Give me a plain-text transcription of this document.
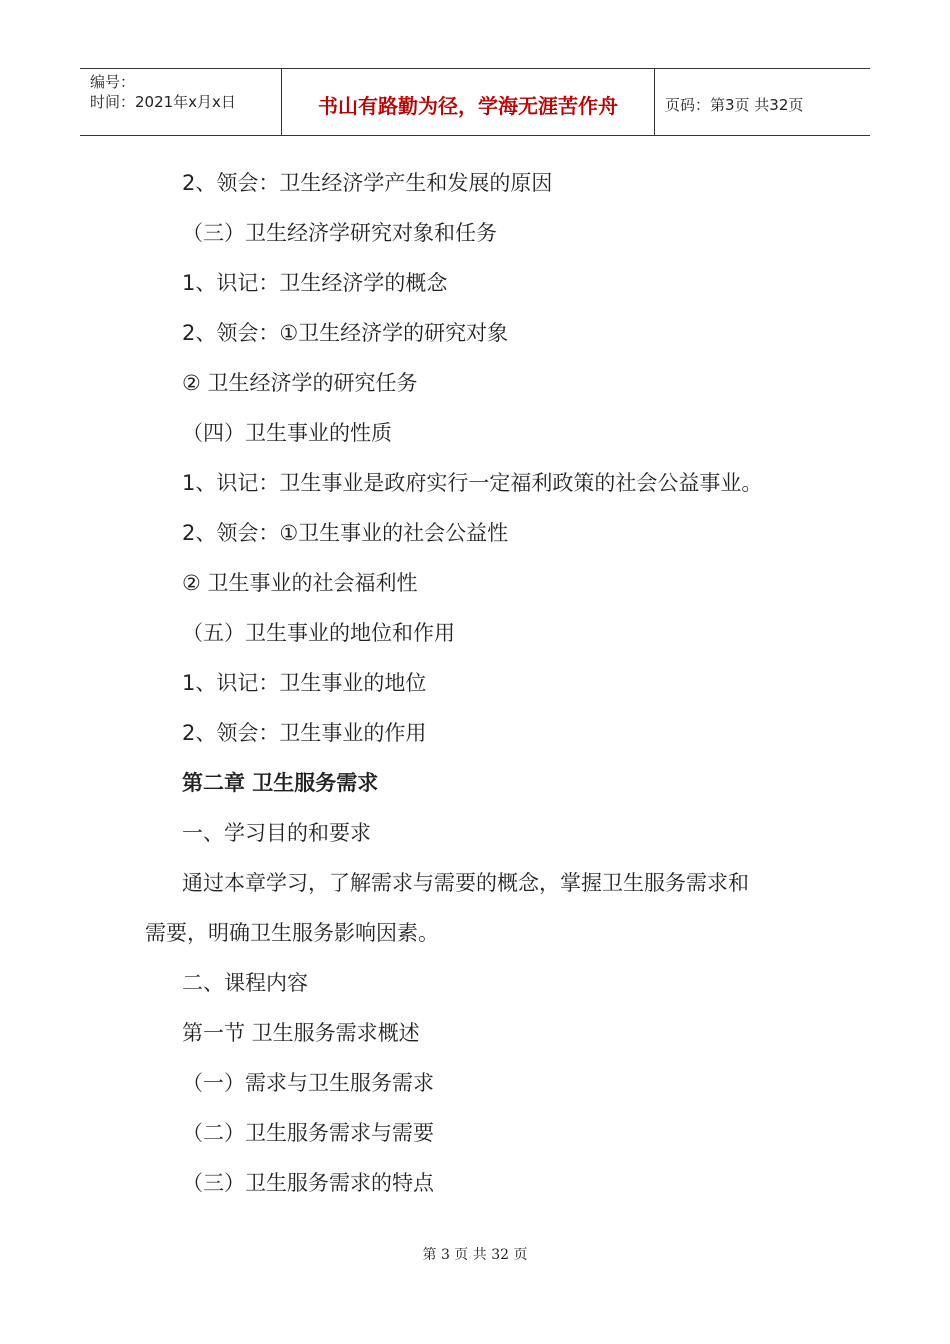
编号：
时间：2021年x月x日	书山有路勤为径，学海无涯苦作舟	页码：第3页 共32页
2、领会：卫生经济学产生和发展的原因
（三）卫生经济学研究对象和任务
1、识记：卫生经济学的概念
2、领会：①卫生经济学的研究对象
② 卫生经济学的研究任务
（四）卫生事业的性质
1、识记：卫生事业是政府实行一定福利政策的社会公益事业。
2、领会：①卫生事业的社会公益性
② 卫生事业的社会福利性
（五）卫生事业的地位和作用
1、识记：卫生事业的地位
2、领会：卫生事业的作用
第二章 卫生服务需求
一、学习目的和要求
通过本章学习，了解需求与需要的概念，掌握卫生服务需求和
需要，明确卫生服务影响因素。
二、课程内容
第一节 卫生服务需求概述
（一）需求与卫生服务需求
（二）卫生服务需求与需要
（三）卫生服务需求的特点
第 3 页 共 32 页
